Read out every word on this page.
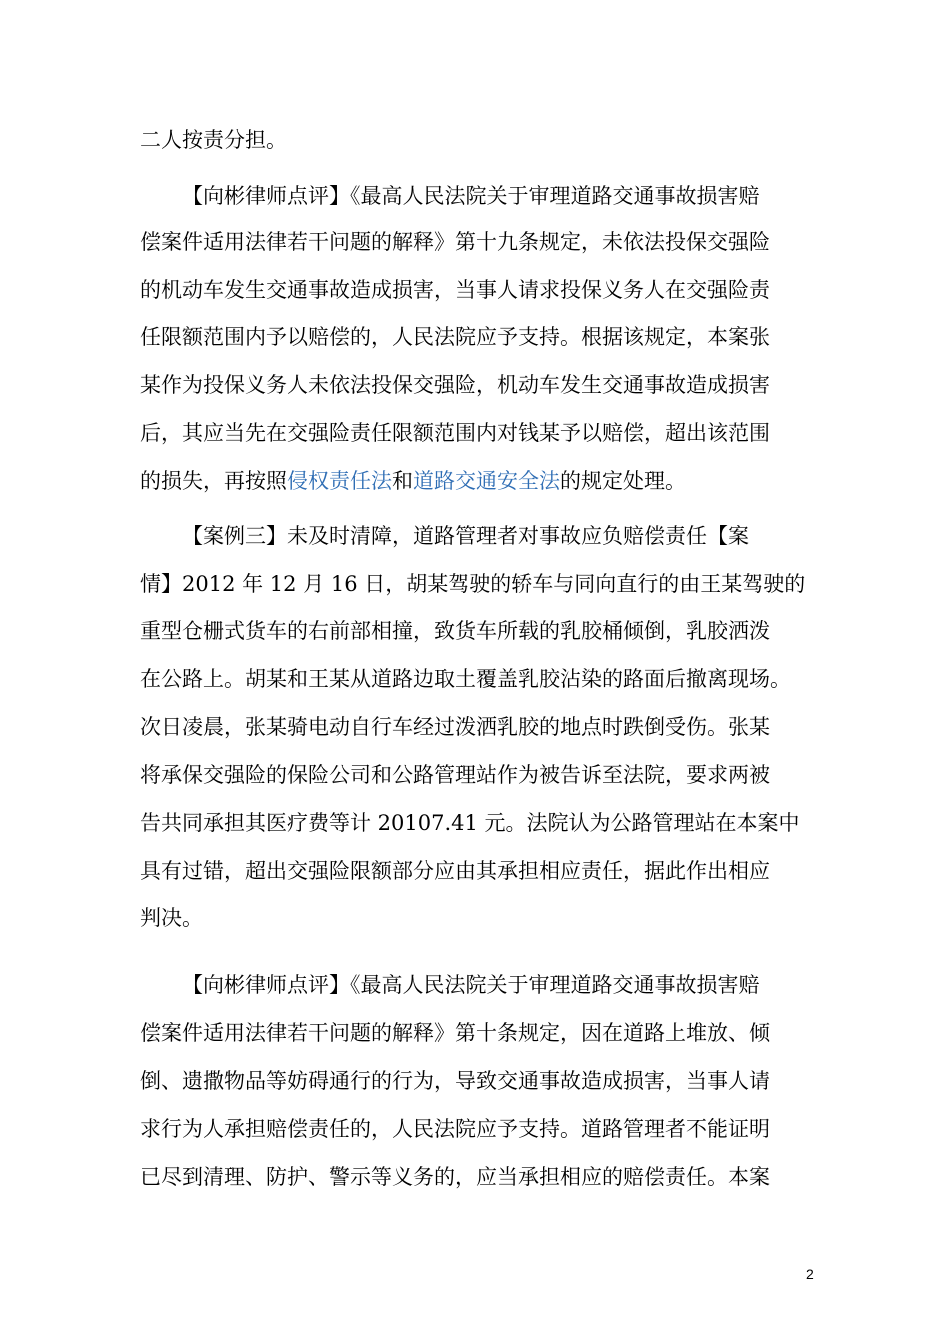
二人按责分担。
【向彬律师点评】《最高人民法院关于审理道路交通事故损害赔
偿案件适用法律若干问题的解释》第十九条规定，未依法投保交强险
的机动车发生交通事故造成损害，当事人请求投保义务人在交强险责
任限额范围内予以赔偿的，人民法院应予支持。根据该规定，本案张
某作为投保义务人未依法投保交强险，机动车发生交通事故造成损害
后，其应当先在交强险责任限额范围内对钱某予以赔偿，超出该范围
的损失，再按照侵权责任法和道路交通安全法的规定处理。
【案例三】未及时清障，道路管理者对事故应负赔偿责任【案
情】2012 年 12 月 16 日，胡某驾驶的轿车与同向直行的由王某驾驶的
重型仓栅式货车的右前部相撞，致货车所载的乳胶桶倾倒，乳胶洒泼
在公路上。胡某和王某从道路边取土覆盖乳胶沾染的路面后撤离现场。
次日凌晨，张某骑电动自行车经过泼洒乳胶的地点时跌倒受伤。张某
将承保交强险的保险公司和公路管理站作为被告诉至法院，要求两被
告共同承担其医疗费等计 20107.41 元。法院认为公路管理站在本案中
具有过错，超出交强险限额部分应由其承担相应责任，据此作出相应
判决。
【向彬律师点评】《最高人民法院关于审理道路交通事故损害赔
偿案件适用法律若干问题的解释》第十条规定，因在道路上堆放、倾
倒、遗撒物品等妨碍通行的行为，导致交通事故造成损害，当事人请
求行为人承担赔偿责任的，人民法院应予支持。道路管理者不能证明
已尽到清理、防护、警示等义务的，应当承担相应的赔偿责任。本案
2
